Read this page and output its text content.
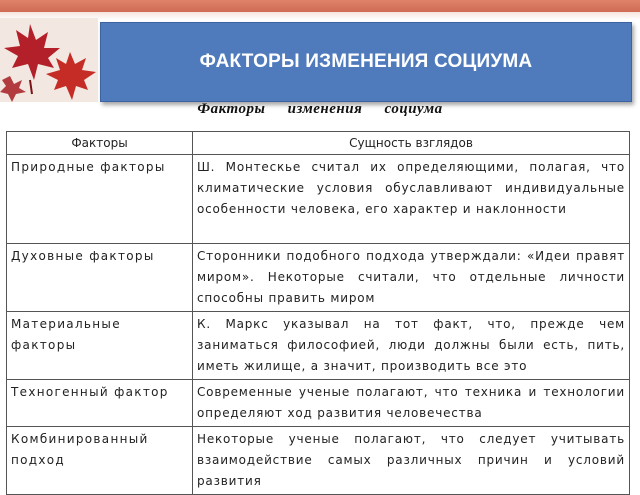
ФАКТОРЫ ИЗМЕНЕНИЯ СОЦИУМА
Факторы изменения социума
Факторы	Сущность взглядов
Природные факторы	Ш. Монтескье считал их определяющими, полагая, что климатические условия обуславливают индивидуальные особенности человека, его характер и наклонности
Духовные факторы	Сторонники подобного подхода утверждали: «Идеи правят миром». Некоторые считали, что отдельные личности способны править миром
Материальные факторы	К. Маркс указывал на тот факт, что, прежде чем заниматься философией, люди должны были есть, пить, иметь жилище, а значит, производить все это
Техногенный фактор	Современные ученые полагают, что техника и технологии определяют ход развития человечества
Комбинированный подход	Некоторые ученые полагают, что следует учитывать взаимодействие самых различных причин и условий развития
